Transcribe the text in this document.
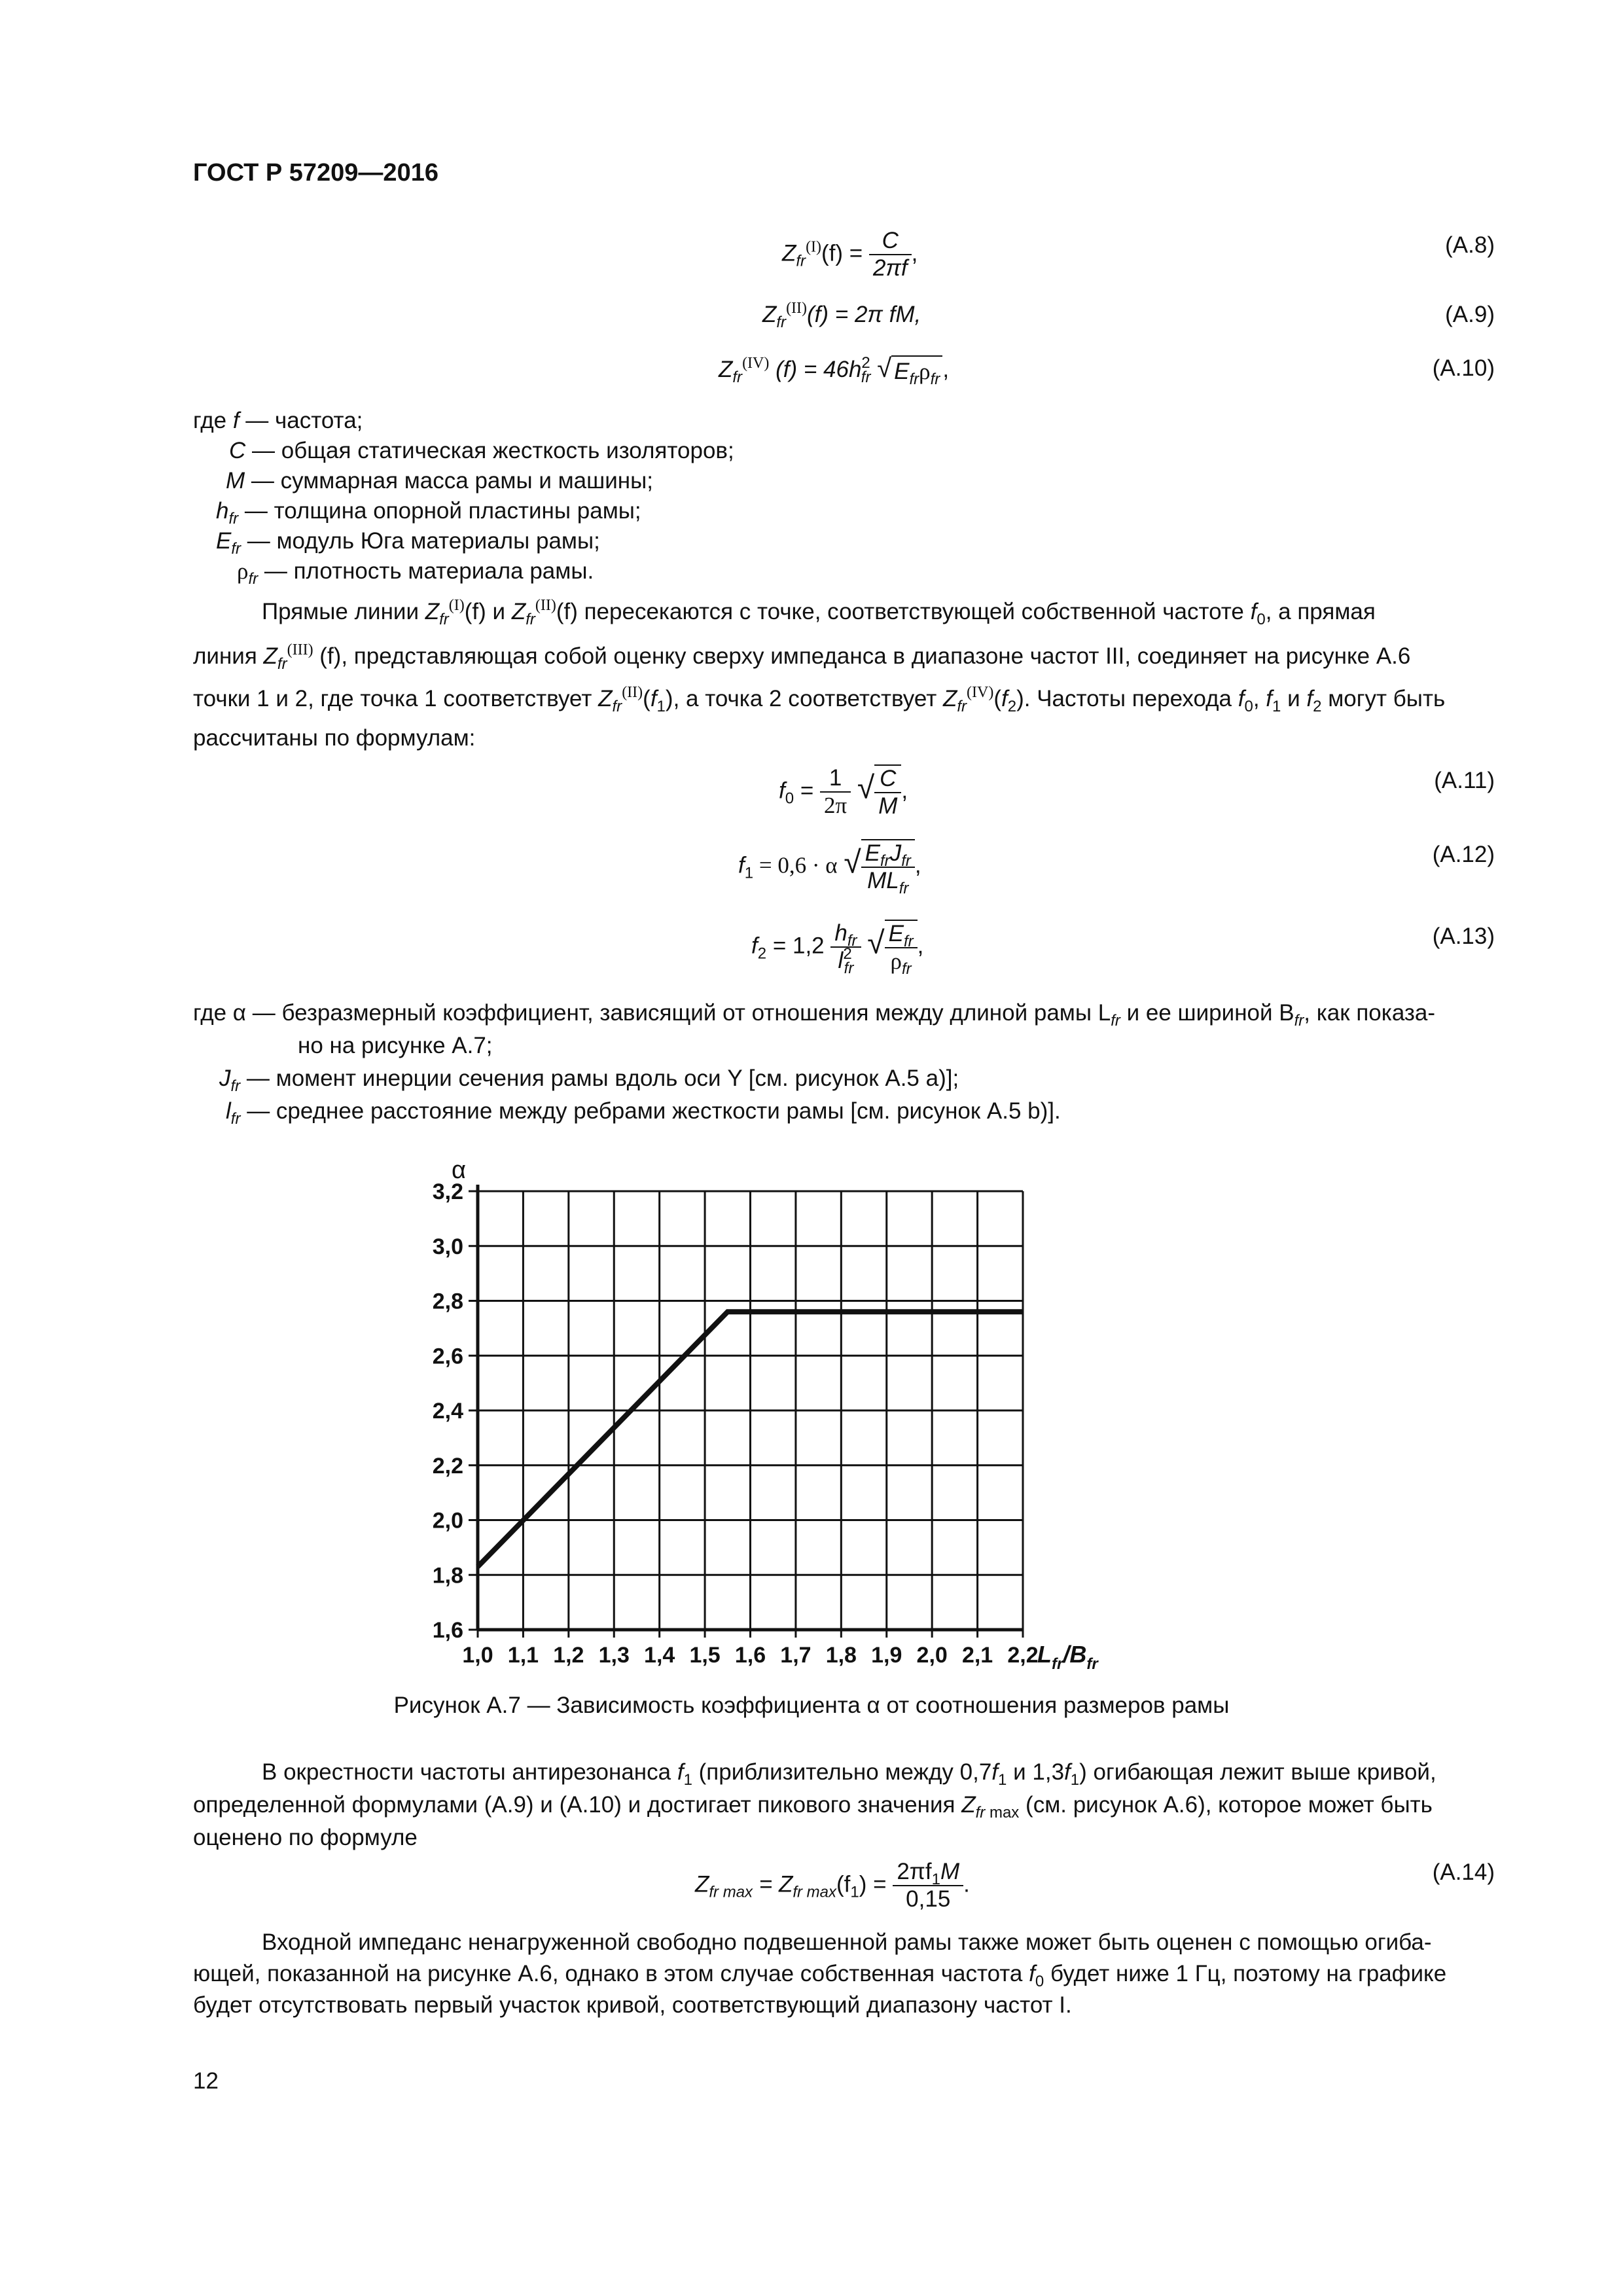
ГОСТ Р 57209—2016
$Z_{fr}^{(I)}(f) = \frac{C}{2\pi f}$ ,	(A.8)
$Z_{fr}^{(II)}(f) = 2\pi$ fM,	(A.9)
$Z_{fr}^{(IV)}$ $(f) = 46h^2_{fr}$ √ $E_{fr}\rho_{fr}$ ,	(A.10)
где f — частота;
C — общая статическая жесткость изоляторов;
M — суммарная масса рамы и машины;
$h_{fr}$ — толщина опорной пластины рамы;
$E_{fr}$ — модуль Юга материалы рамы;
$\rho_{fr}$ — плотность материала рамы.
Прямые линии $Z_{fr}^{(I)}(f)$ и $Z_{fr}^{(II)}(f)$ пересекаются с точке, соответствующей собственной частоте $f_0$, а прямая
линия $Z_{fr}^{(III)}$ (f), представляющая собой оценку сверху импеданса в диапазоне частот III, соединяет на рисунке А.6
точки 1 и 2, где точка 1 соответствует $Z_{fr}^{(II)}(f_1)$, а точка 2 соответствует $Z_{fr}^{(IV)}(f_2)$. Частоты перехода $f_0$, $f_1$ и $f_2$ могут быть
рассчитаны по формулам:
$f_0 = \frac{1}{2\pi}$ √ $\frac{C}{M}$ ,	(A.11)
$f_1 = 0,6 \cdot \alpha$ √ $\frac{E_{fr}J_{fr}}{ML_{fr}}$ ,	(A.12)
$f_2 = 1,2 \frac{h_{fr}}{l^2_{fr}}$ √ $\frac{E_{fr}}{\rho_{fr}}$ ,	(A.13)
где α — безразмерный коэффициент, зависящий от отношения между длиной рамы $L_{fr}$ и ее шириной $B_{fr}$, как показа-
но на рисунке А.7;
$J_{fr}$ — момент инерции сечения рамы вдоль оси Y [см. рисунок А.5 а)];
$l_{fr}$ — среднее расстояние между ребрами жесткости рамы [см. рисунок А.5 b)].
1,0 1,1 1,2 1,3 1,4 1,5 1,6 1,7 1,8 1,9 2,0 2,1 2,2
1,6
1,8
2,0
2,2
2,4
2,6
2,8
3,0
3,2
α
$L_{fr}/B_{fr}$
Рисунок А.7 — Зависимость коэффициента α от соотношения размеров рамы
В окрестности частоты антирезонанса $f_1$ (приблизительно между $0,7f_1$ и $1,3f_1$) огибающая лежит выше кривой,
определенной формулами (А.9) и (А.10) и достигает пикового значения $Z_{fr max}$ (см. рисунок А.6), которое может быть
оценено по формуле
$Z_{fr max} = Z_{fr max}(f_1) = \frac{2\pi f_1M}{0,15}$ .	(A.14)
Входной импеданс ненагруженной свободно подвешенной рамы также может быть оценен с помощью огиба-
ющей, показанной на рисунке А.6, однако в этом случае собственная частота $f_0$ будет ниже 1 Гц, поэтому на графике
будет отсутствовать первый участок кривой, соответствующий диапазону частот I.
12
